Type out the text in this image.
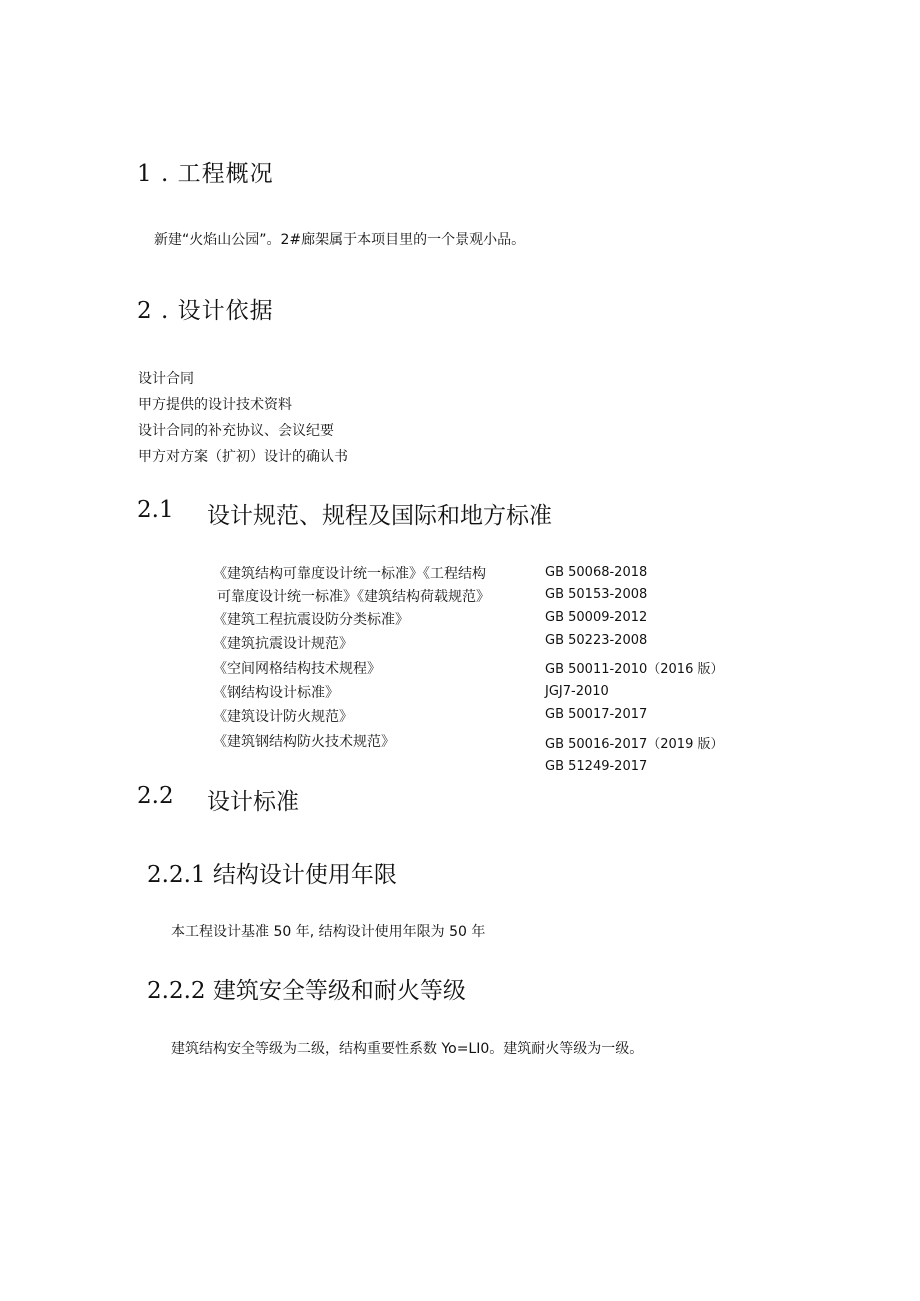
1 . 工程概况
新建“火焰山公园”。2#廊架属于本项目里的一个景观小品。
2 . 设计依据
设计合同
甲方提供的设计技术资料
设计合同的补充协议、会议纪要
甲方对方案（扩初）设计的确认书
2.1 设计规范、规程及国际和地方标准
《建筑结构可靠度设计统一标准》《工程结构
可靠度设计统一标准》《建筑结构荷载规范》
《建筑工程抗震设防分类标准》
《建筑抗震设计规范》
《空间网格结构技术规程》
《钢结构设计标准》
《建筑设计防火规范》
《建筑钢结构防火技术规范》
GB 50068-2018
GB 50153-2008
GB 50009-2012
GB 50223-2008
GB 50011-2010（2016 版）
JGJ7-2010
GB 50017-2017
GB 50016-2017（2019 版）
GB 51249-2017
2.2 设计标准
2.2.1 结构设计使用年限
本工程设计基准 50 年, 结构设计使用年限为 50 年
2.2.2 建筑安全等级和耐火等级
建筑结构安全等级为二级，结构重要性系数 Yo=LI0。建筑耐火等级为一级。
